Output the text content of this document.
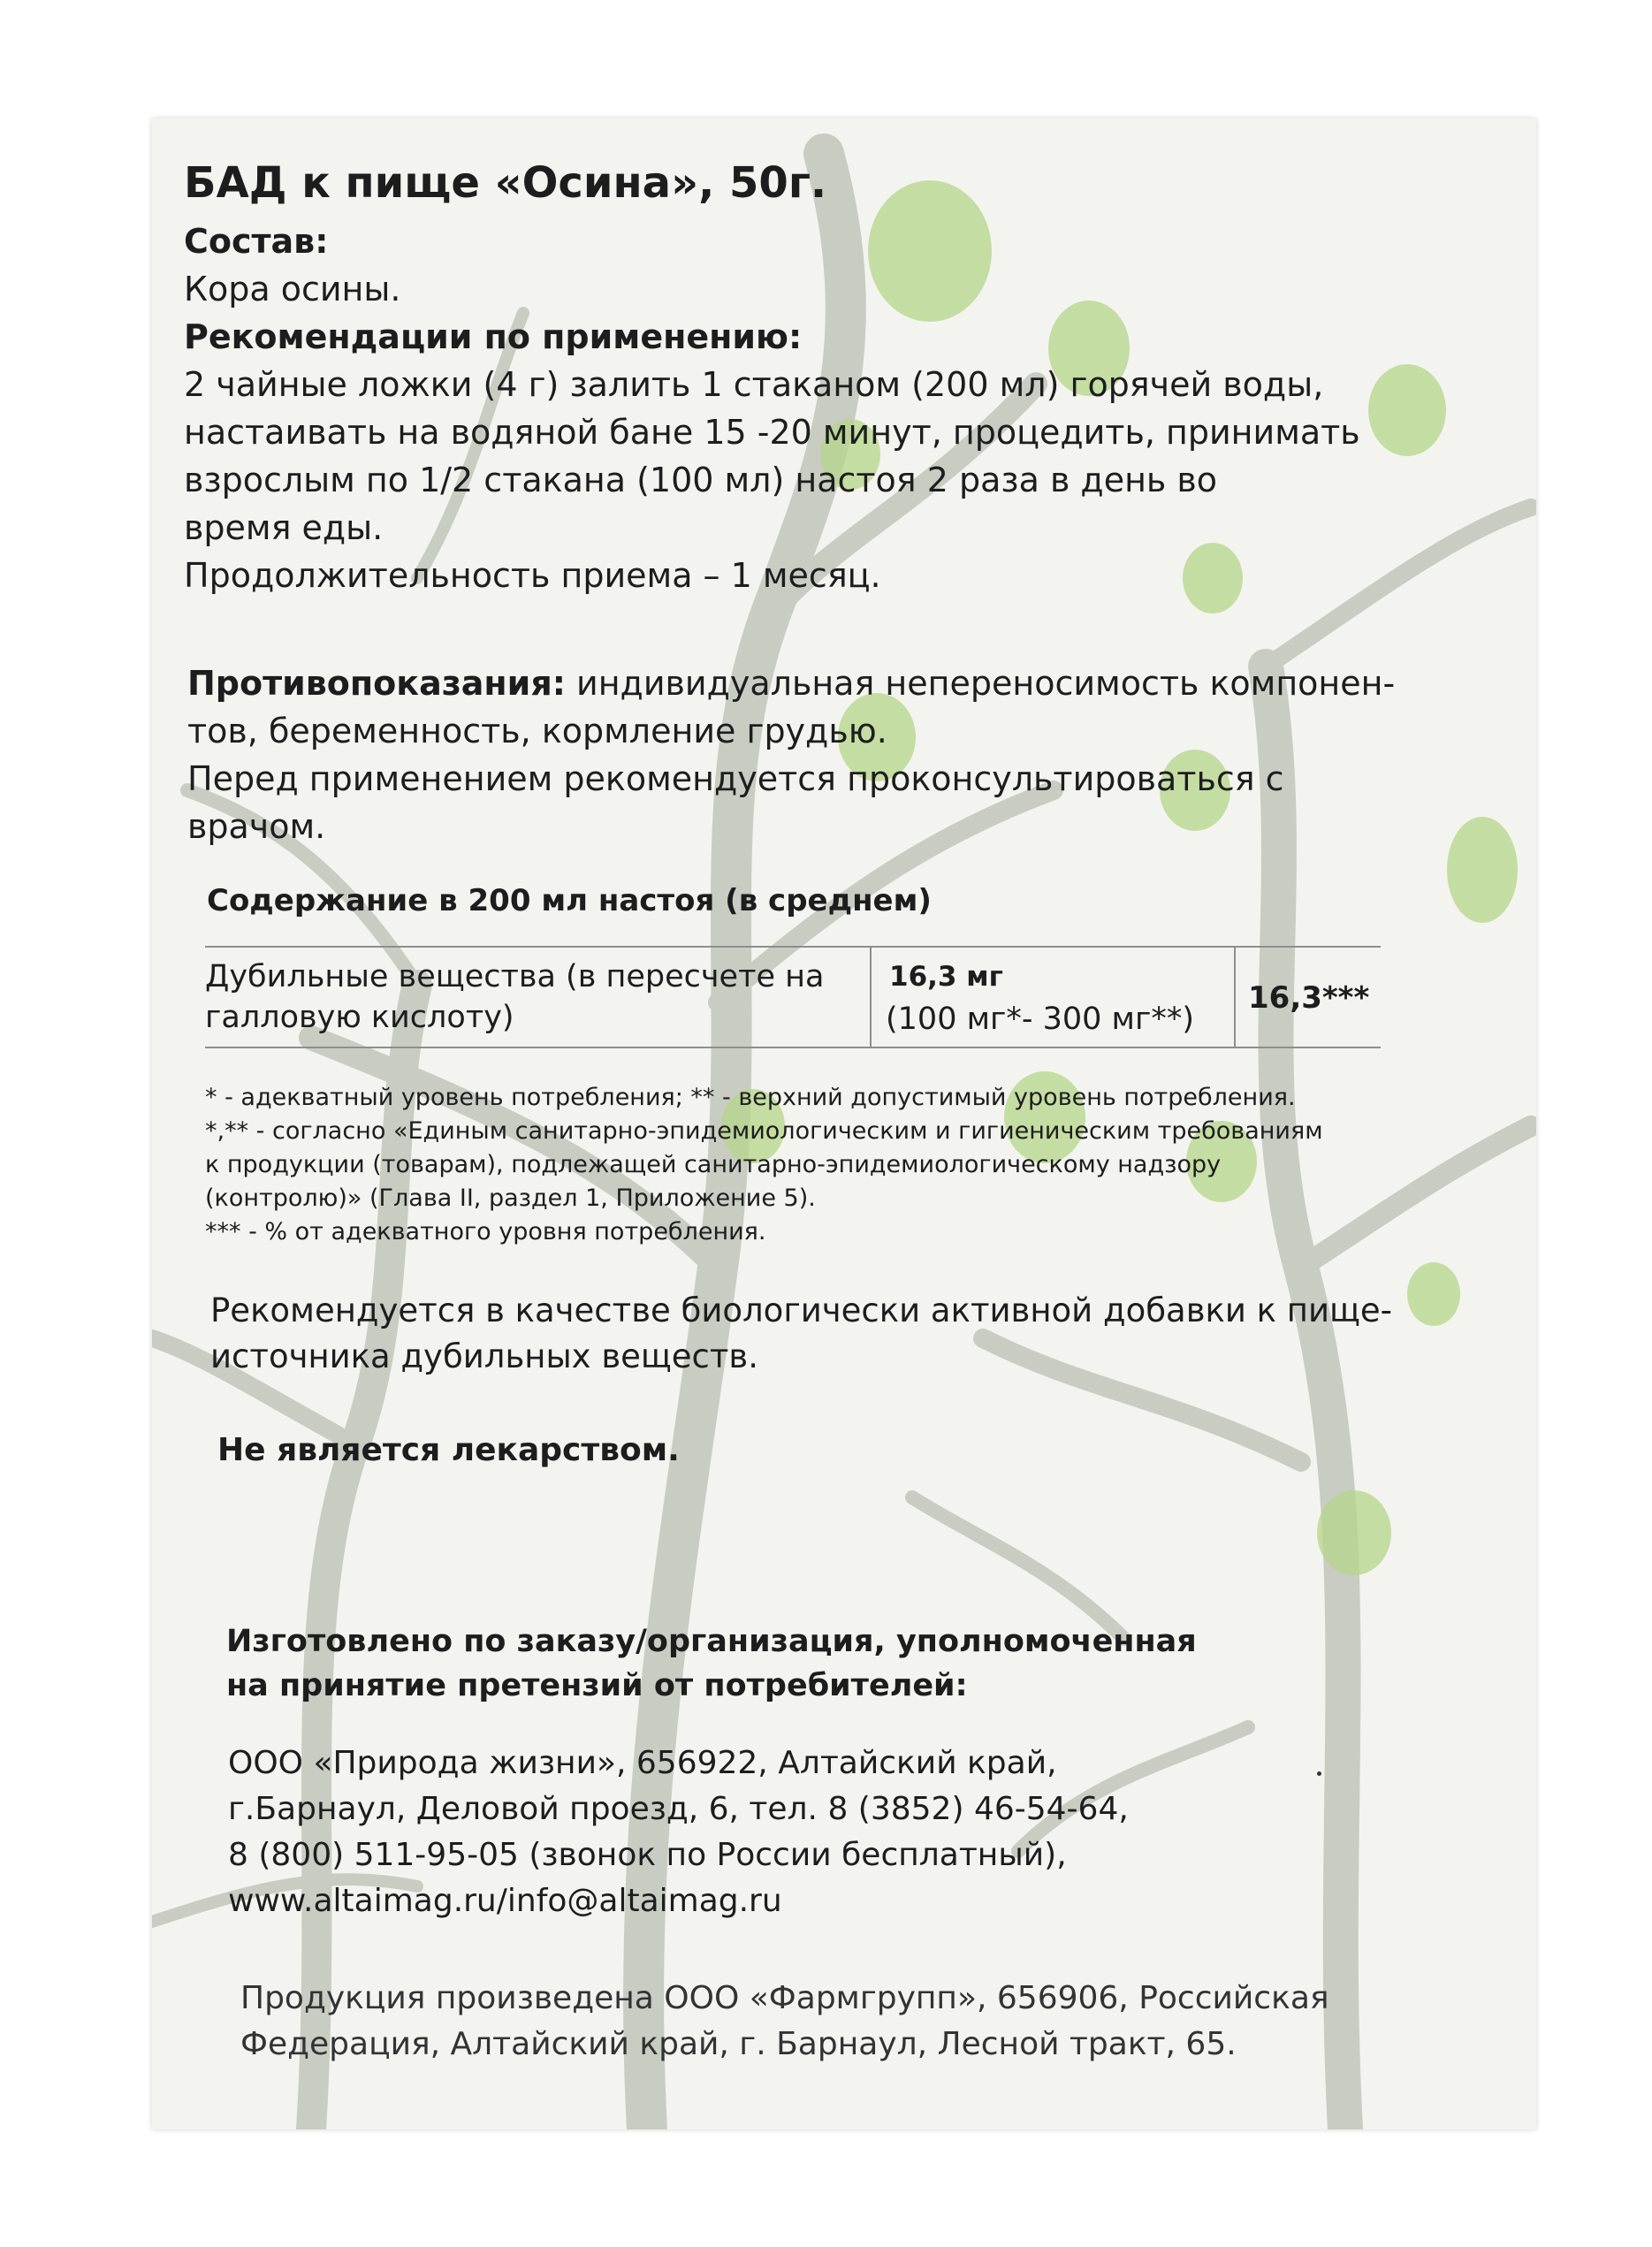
БАД к пище «Осина», 50г.
Состав:
Кора осины.
Рекомендации по применению:
2 чайные ложки (4 г) залить 1 стаканом (200 мл) горячей воды,
настаивать на водяной бане 15 -20 минут, процедить, принимать
взрослым по 1/2 стакана (100 мл) настоя 2 раза в день во
время еды.
Продолжительность приема – 1 месяц.
Противопоказания: индивидуальная непереносимость компонен-
тов, беременность, кормление грудью.
Перед применением рекомендуется проконсультироваться с
врачом.
Содержание в 200 мл настоя (в среднем)
Дубильные вещества (в пересчете на
галловую кислоту)
16,3 мг
(100 мг*- 300 мг**)
16,3***
* - адекватный уровень потребления; ** - верхний допустимый уровень потребления.
*,** - согласно «Единым санитарно-эпидемиологическим и гигиеническим требованиям
к продукции (товарам), подлежащей санитарно-эпидемиологическому надзору
(контролю)» (Глава II, раздел 1, Приложение 5).
*** - % от адекватного уровня потребления.
Рекомендуется в качестве биологически активной добавки к пище-
источника дубильных веществ.
Не является лекарством.
Изготовлено по заказу/организация, уполномоченная
на принятие претензий от потребителей:
ООО «Природа жизни», 656922, Алтайский край,
г.Барнаул, Деловой проезд, 6, тел. 8 (3852) 46-54-64,
8 (800) 511-95-05 (звонок по России бесплатный),
www.altaimag.ru/info@altaimag.ru
Продукция произведена ООО «Фармгрупп», 656906, Российская
Федерация, Алтайский край, г. Барнаул, Лесной тракт, 65.
